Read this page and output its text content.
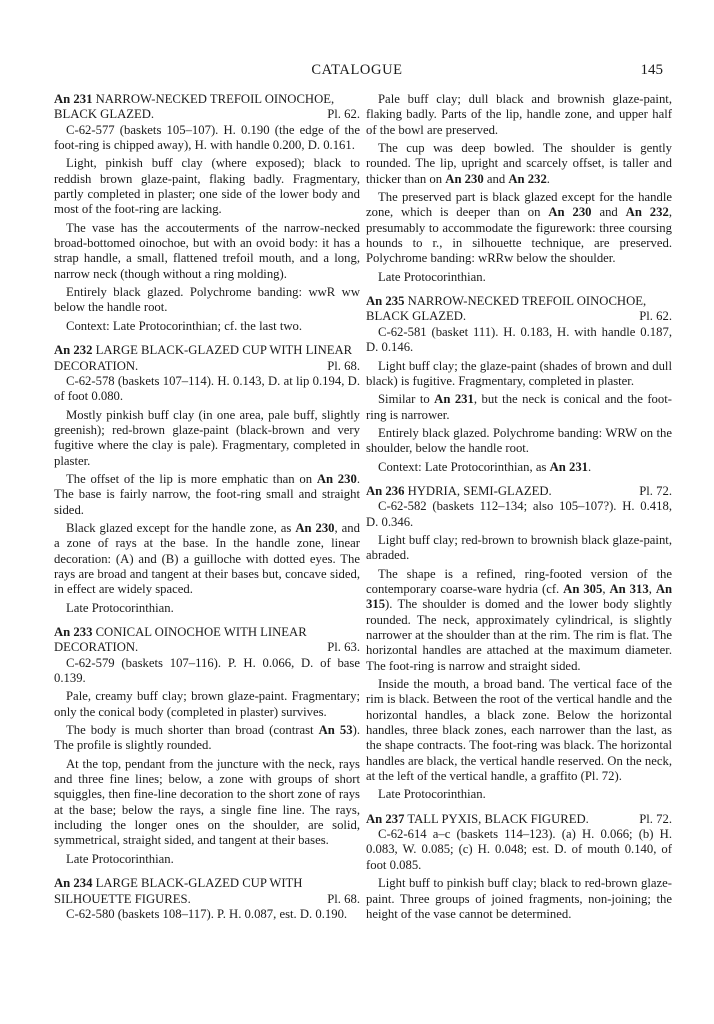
CATALOGUE	145
An 231 NARROW-NECKED TREFOIL OINOCHOE, BLACK GLAZED.	Pl. 62.

C-62-577 (baskets 105–107). H. 0.190 (the edge of the foot-ring is chipped away), H. with handle 0.200, D. 0.161.

Light, pinkish buff clay (where exposed); black to reddish brown glaze-paint, flaking badly. Fragmentary, partly completed in plaster; one side of the lower body and most of the foot-ring are lacking.

The vase has the accouterments of the narrow-necked broad-bottomed oinochoe, but with an ovoid body: it has a strap handle, a small, flattened trefoil mouth, and a long, narrow neck (though without a ring molding).

Entirely black glazed. Polychrome banding: wwR ww below the handle root.

Context: Late Protocorinthian; cf. the last two.

An 232 LARGE BLACK-GLAZED CUP WITH LINEAR DECORATION.	Pl. 68.

C-62-578 (baskets 107–114). H. 0.143, D. at lip 0.194, D. of foot 0.080.

Mostly pinkish buff clay (in one area, pale buff, slightly greenish); red-brown glaze-paint (black-brown and very fugitive where the clay is pale). Fragmentary, completed in plaster.

The offset of the lip is more emphatic than on An 230. The base is fairly narrow, the foot-ring small and straight sided.

Black glazed except for the handle zone, as An 230, and a zone of rays at the base. In the handle zone, linear decoration: (A) and (B) a guilloche with dotted eyes. The rays are broad and tangent at their bases but, concave sided, in effect are widely spaced.

Late Protocorinthian.

An 233 CONICAL OINOCHOE WITH LINEAR DECORATION.	Pl. 63.

C-62-579 (baskets 107–116). P. H. 0.066, D. of base 0.139.

Pale, creamy buff clay; brown glaze-paint. Fragmentary; only the conical body (completed in plaster) survives.

The body is much shorter than broad (contrast An 53). The profile is slightly rounded.

At the top, pendant from the juncture with the neck, rays and three fine lines; below, a zone with groups of short squiggles, then fine-line decoration to the short zone of rays at the base; below the rays, a single fine line. The rays, including the longer ones on the shoulder, are solid, symmetrical, straight sided, and tangent at their bases.

Late Protocorinthian.

An 234 LARGE BLACK-GLAZED CUP WITH SILHOUETTE FIGURES.	Pl. 68.

C-62-580 (baskets 108–117). P. H. 0.087, est. D. 0.190.

Pale buff clay; dull black and brownish glaze-paint, flaking badly. Parts of the lip, handle zone, and upper half of the bowl are preserved.

The cup was deep bowled. The shoulder is gently rounded. The lip, upright and scarcely offset, is taller and thicker than on An 230 and An 232.

The preserved part is black glazed except for the handle zone, which is deeper than on An 230 and An 232, presumably to accommodate the figurework: three coursing hounds to r., in silhouette technique, are preserved. Polychrome banding: wRRw below the shoulder.

Late Protocorinthian.

An 235 NARROW-NECKED TREFOIL OINOCHOE, BLACK GLAZED.	Pl. 62.

C-62-581 (basket 111). H. 0.183, H. with handle 0.187, D. 0.146.

Light buff clay; the glaze-paint (shades of brown and dull black) is fugitive. Fragmentary, completed in plaster.

Similar to An 231, but the neck is conical and the foot-ring is narrower.

Entirely black glazed. Polychrome banding: WRW on the shoulder, below the handle root.

Context: Late Protocorinthian, as An 231.

An 236 HYDRIA, SEMI-GLAZED.	Pl. 72.

C-62-582 (baskets 112–134; also 105–107?). H. 0.418, D. 0.346.

Light buff clay; red-brown to brownish black glaze-paint, abraded.

The shape is a refined, ring-footed version of the contemporary coarse-ware hydria (cf. An 305, An 313, An 315). The shoulder is domed and the lower body slightly rounded. The neck, approximately cylindrical, is slightly narrower at the shoulder than at the rim. The rim is flat. The horizontal handles are attached at the maximum diameter. The foot-ring is narrow and straight sided.

Inside the mouth, a broad band. The vertical face of the rim is black. Between the root of the vertical handle and the horizontal handles, a black zone. Below the horizontal handles, three black zones, each narrower than the last, as the shape contracts. The foot-ring was black. The horizontal handles are black, the vertical handle reserved. On the neck, at the left of the vertical handle, a graffito (Pl. 72).

Late Protocorinthian.

An 237 TALL PYXIS, BLACK FIGURED.	Pl. 72.

C-62-614 a–c (baskets 114–123). (a) H. 0.066; (b) H. 0.083, W. 0.085; (c) H. 0.048; est. D. of mouth 0.140, of foot 0.085.

Light buff to pinkish buff clay; black to red-brown glaze-paint. Three groups of joined fragments, non-joining; the height of the vase cannot be determined.
